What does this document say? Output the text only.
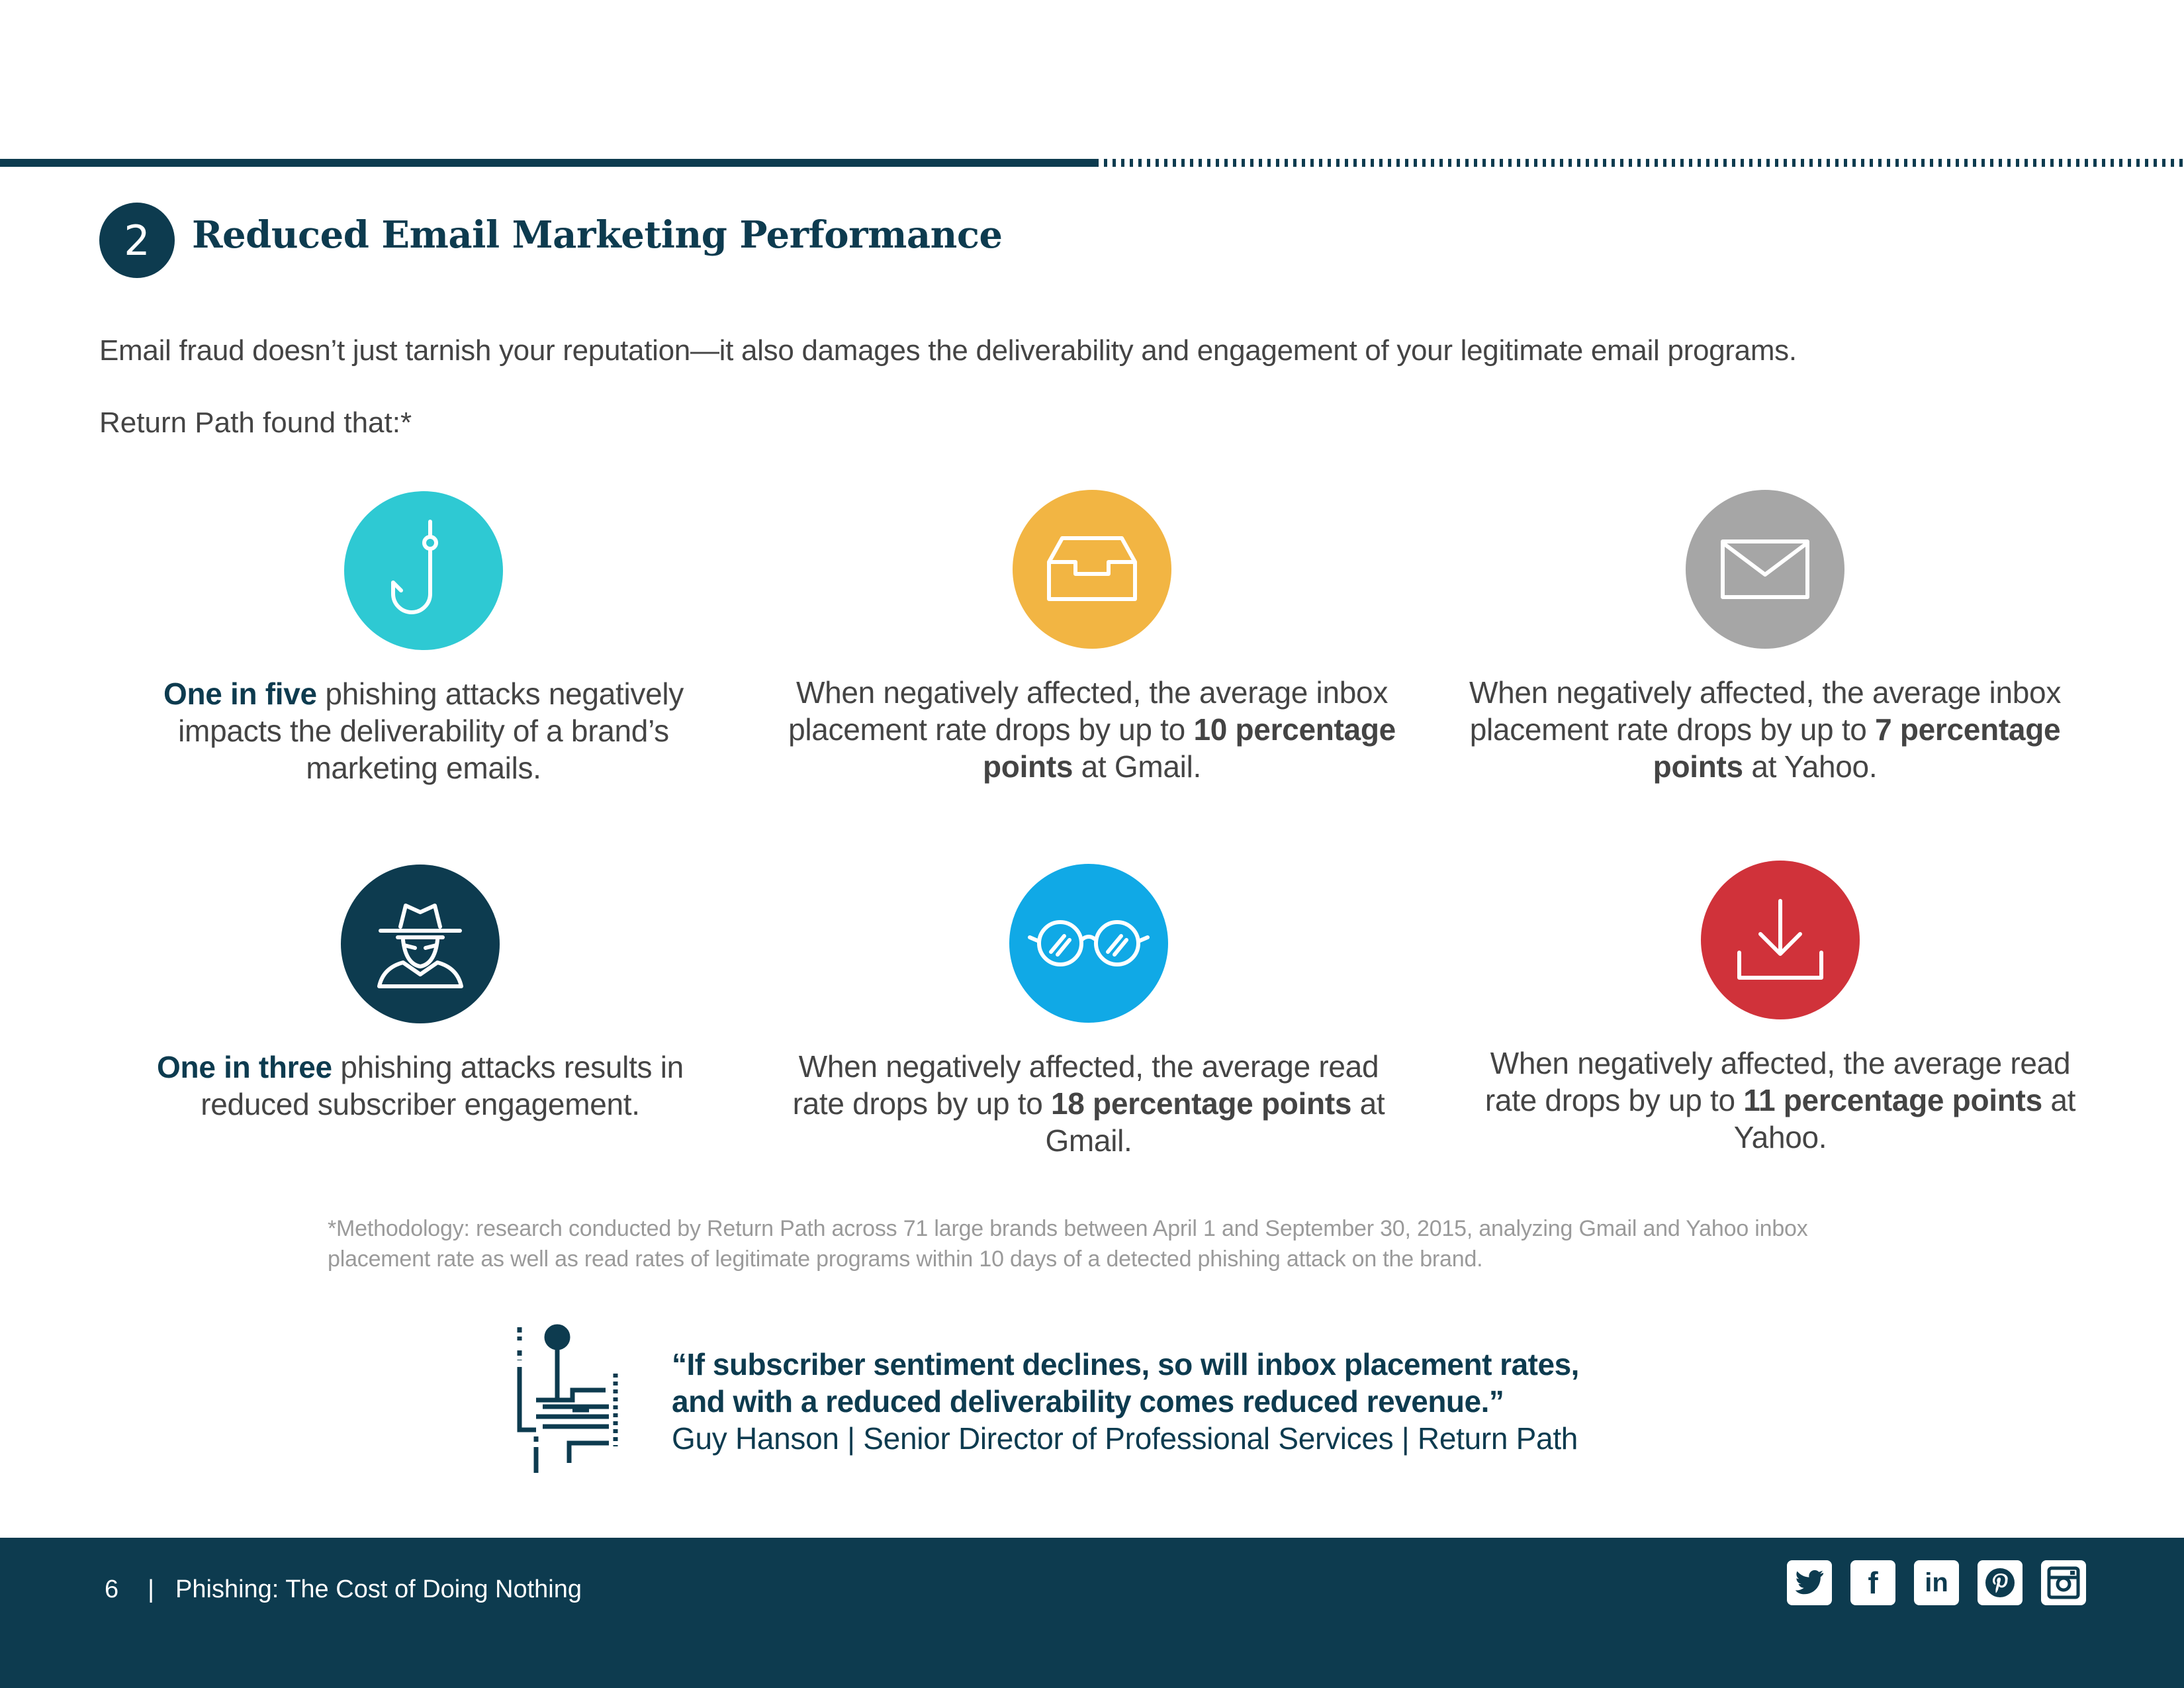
2	Reduced Email Marketing Performance
Email fraud doesn’t just tarnish your reputation—it also damages the deliverability and engagement of your legitimate email programs.
Return Path found that:*
One in five phishing attacks negatively impacts the deliverability of a brand’s marketing emails.
When negatively affected, the average inbox placement rate drops by up to 10 percentage points at Gmail.
When negatively affected, the average inbox placement rate drops by up to 7 percentage points at Yahoo.
One in three phishing attacks results in reduced subscriber engagement.
When negatively affected, the average read rate drops by up to 18 percentage points at Gmail.
When negatively affected, the average read rate drops by up to 11 percentage points at Yahoo.
*Methodology: research conducted by Return Path across 71 large brands between April 1 and September 30, 2015, analyzing Gmail and Yahoo inbox placement rate as well as read rates of legitimate programs within 10 days of a detected phishing attack on the brand.
“If subscriber sentiment declines, so will inbox placement rates,
and with a reduced deliverability comes reduced revenue.”
Guy Hanson | Senior Director of Professional Services | Return Path
6 | Phishing: The Cost of Doing Nothing	f in
